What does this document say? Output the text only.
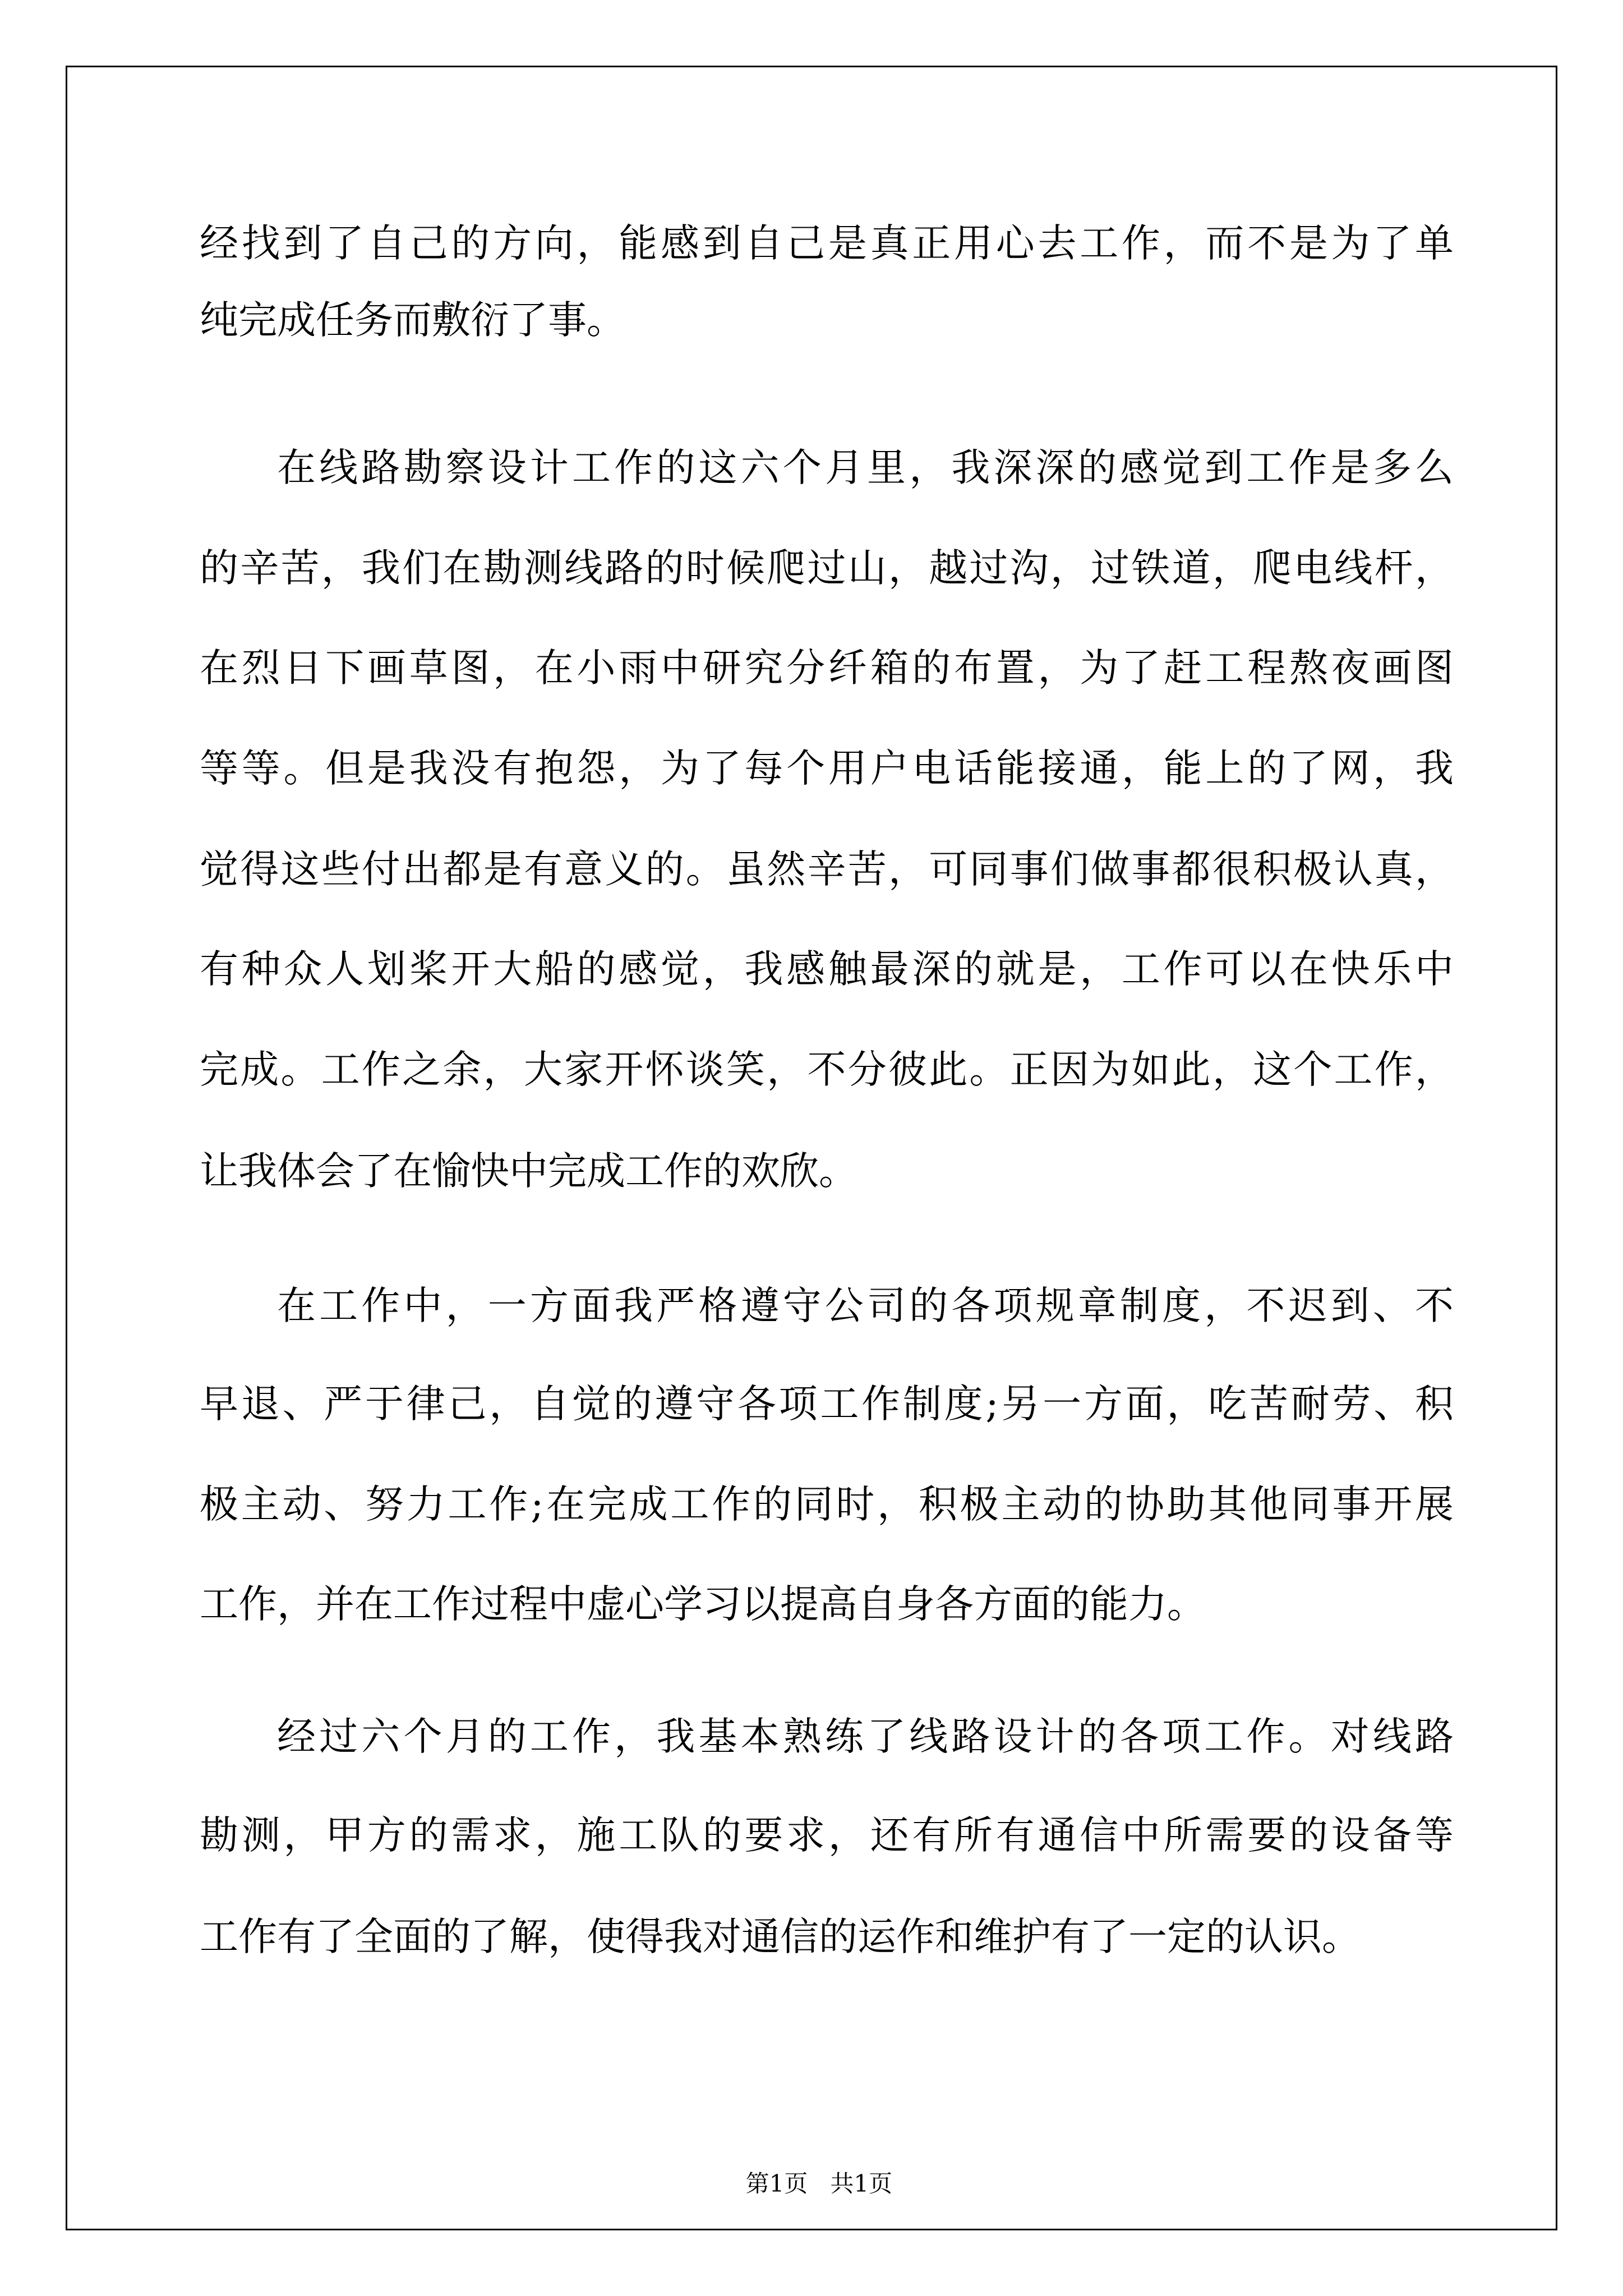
经找到了自己的方向，能感到自己是真正用心去工作，而不是为了单
纯完成任务而敷衍了事。
在线路勘察设计工作的这六个月里，我深深的感觉到工作是多么
的辛苦，我们在勘测线路的时候爬过山，越过沟，过铁道，爬电线杆，
在烈日下画草图，在小雨中研究分纤箱的布置，为了赶工程熬夜画图
等等。但是我没有抱怨，为了每个用户电话能接通，能上的了网，我
觉得这些付出都是有意义的。虽然辛苦，可同事们做事都很积极认真，
有种众人划桨开大船的感觉，我感触最深的就是，工作可以在快乐中
完成。工作之余，大家开怀谈笑，不分彼此。正因为如此，这个工作，
让我体会了在愉快中完成工作的欢欣。
在工作中，一方面我严格遵守公司的各项规章制度，不迟到、不
早退、严于律己，自觉的遵守各项工作制度;另一方面，吃苦耐劳、积
极主动、努力工作;在完成工作的同时，积极主动的协助其他同事开展
工作，并在工作过程中虚心学习以提高自身各方面的能力。
经过六个月的工作，我基本熟练了线路设计的各项工作。对线路
勘测，甲方的需求，施工队的要求，还有所有通信中所需要的设备等
工作有了全面的了解，使得我对通信的运作和维护有了一定的认识。

第1页   共1页
